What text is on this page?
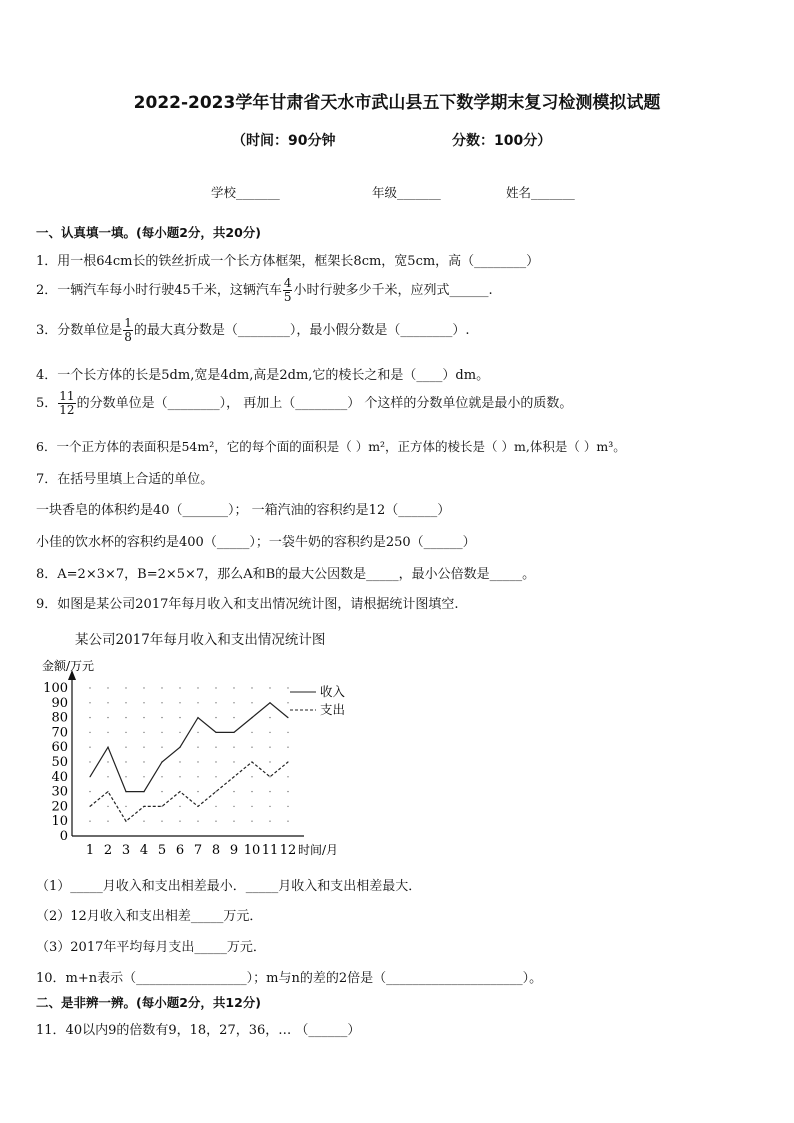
2022-2023学年甘肃省天水市武山县五下数学期末复习检测模拟试题
（时间：90分钟	分数：100分）
学校_______	年级_______	姓名_______
一、认真填一填。(每小题2分，共20分)
1．用一根64cm长的铁丝折成一个长方体框架，框架长8cm，宽5cm，高（________）
2．一辆汽车每小时行驶45千米，这辆汽车 $\frac{4}{5}$ 小时行驶多少千米，应列式______.
3．分数单位是 $\frac{1}{8}$ 的最大真分数是（________），最小假分数是（________）.
4．一个长方体的长是5dm,宽是4dm,高是2dm,它的棱长之和是（____）dm。
5． $\frac{11}{12}$ 的分数单位是（________）， 再加上（________） 个这样的分数单位就是最小的质数。
6．一个正方体的表面积是54m²，它的每个面的面积是（ ）m²，正方体的棱长是（ ）m,体积是（ ）m³。
7．在括号里填上合适的单位。
一块香皂的体积约是40（_______）； 一箱汽油的容积约是12（______）
小佳的饮水杯的容积约是400（_____）；一袋牛奶的容积约是250（______）
8．A=2×3×7，B=2×5×7，那么A和B的最大公因数是_____，最小公倍数是_____。
9．如图是某公司2017年每月收入和支出情况统计图，请根据统计图填空.
某公司2017年每月收入和支出情况统计图
0
10
20
30
40
50
60
70
80
90
100
1 2 3 4 5 6 7 8 9 10 11 12
金额/万元
时间/月
收入
支出
（1）_____月收入和支出相差最小．_____月收入和支出相差最大．
（2）12月收入和支出相差_____万元．
（3）2017年平均每月支出_____万元．
10．m+n表示（_________________）；m与n的差的2倍是（_____________________）。
二、是非辨一辨。(每小题2分，共12分)
11．40以内9的倍数有9，18，27，36，… （______）
